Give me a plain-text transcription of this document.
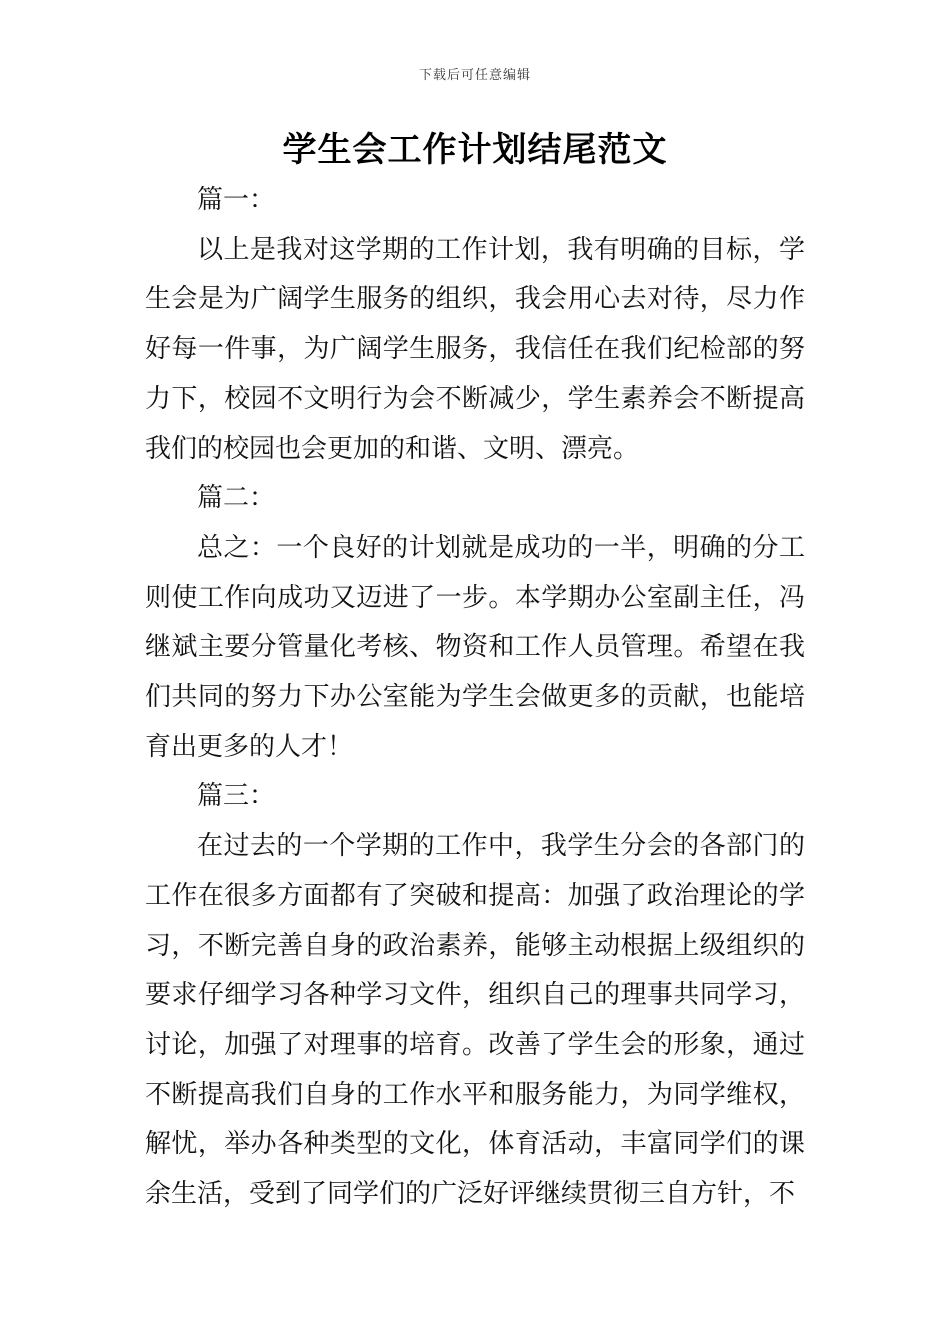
下载后可任意编辑
学生会工作计划结尾范文

篇一：

以上是我对这学期的工作计划，我有明确的目标，学生会是为广阔学生服务的组织，我会用心去对待，尽力作好每一件事，为广阔学生服务，我信任在我们纪检部的努力下，校园不文明行为会不断减少，学生素养会不断提高我们的校园也会更加的和谐、文明、漂亮。

篇二：

总之：一个良好的计划就是成功的一半，明确的分工则使工作向成功又迈进了一步。本学期办公室副主任，冯继斌主要分管量化考核、物资和工作人员管理。希望在我们共同的努力下办公室能为学生会做更多的贡献，也能培育出更多的人才！

篇三：

在过去的一个学期的工作中，我学生分会的各部门的工作在很多方面都有了突破和提高：加强了政治理论的学习，不断完善自身的政治素养，能够主动根据上级组织的要求仔细学习各种学习文件，组织自己的理事共同学习，讨论，加强了对理事的培育。改善了学生会的形象，通过不断提高我们自身的工作水平和服务能力，为同学维权，解忧，举办各种类型的文化，体育活动，丰富同学们的课余生活，受到了同学们的广泛好评继续贯彻三自方针，不
